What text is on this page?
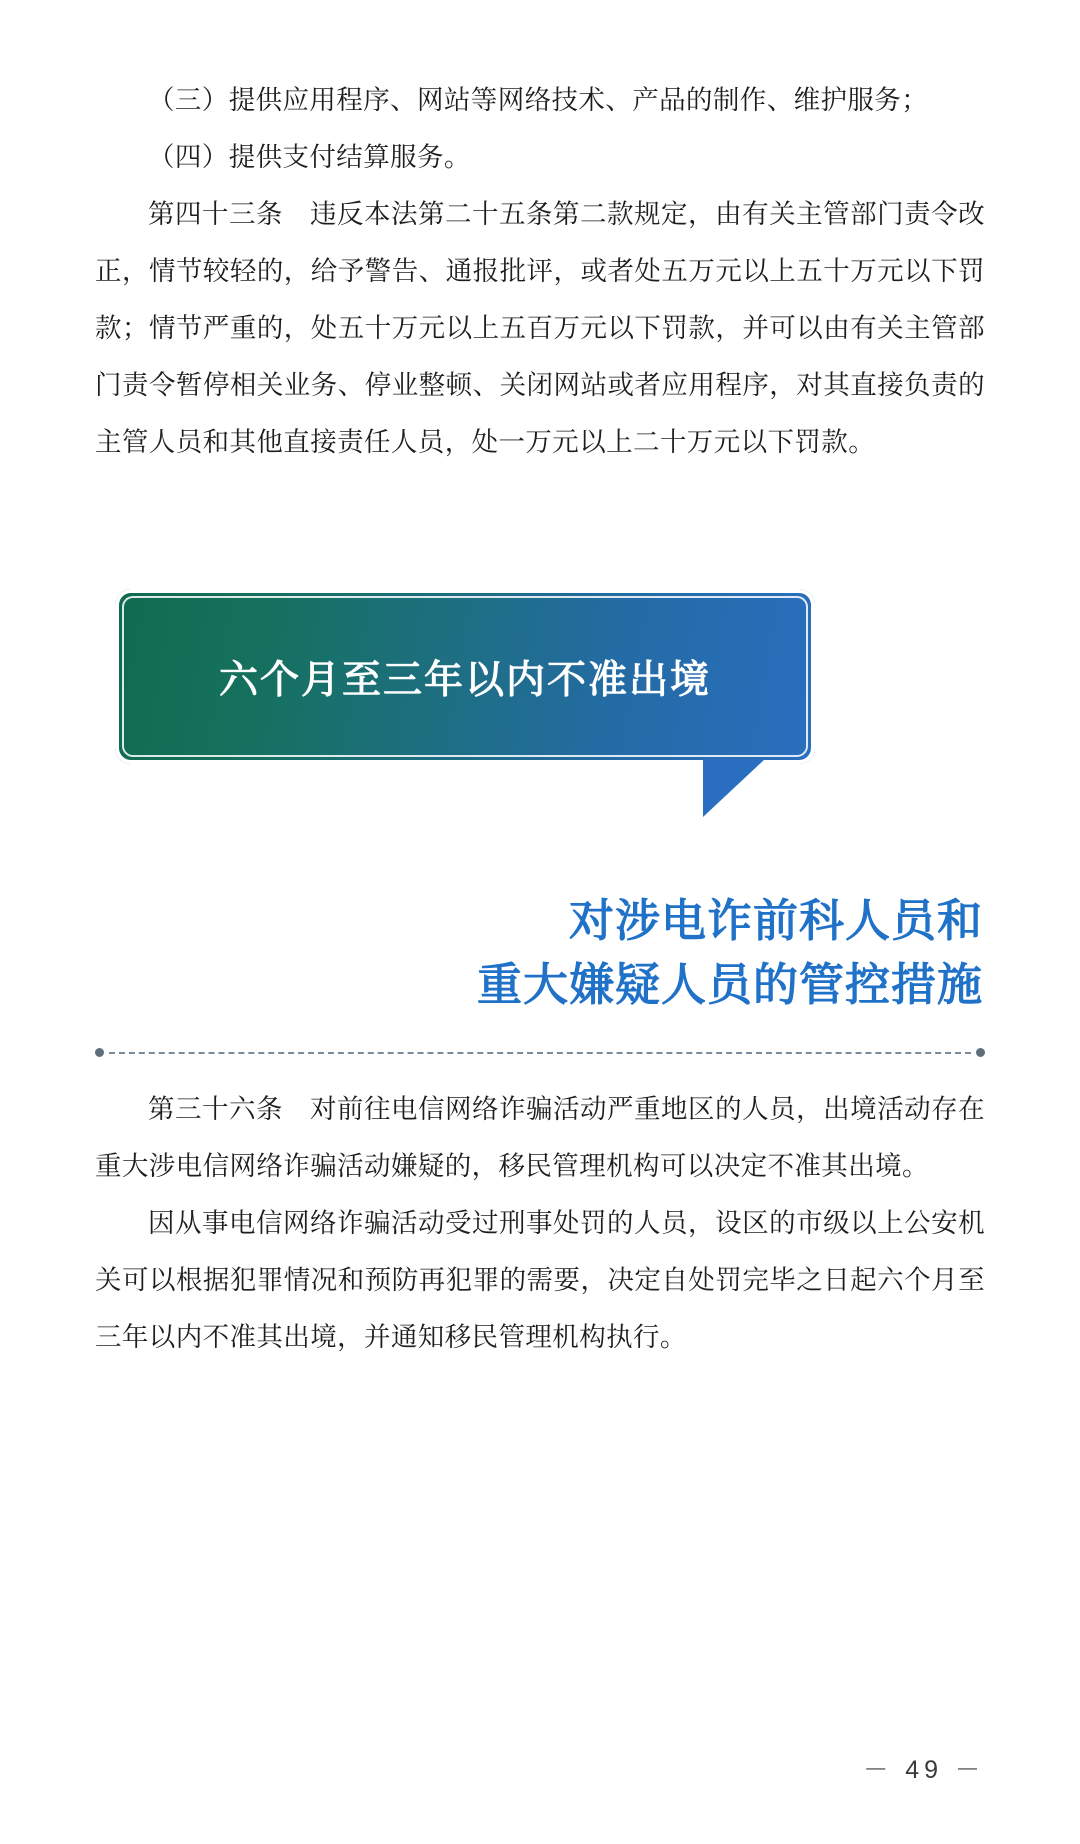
（三）提供应用程序、网站等网络技术、产品的制作、维护服务；

（四）提供支付结算服务。

第四十三条　违反本法第二十五条第二款规定，由有关主管部门责令改正，情节较轻的，给予警告、通报批评，或者处五万元以上五十万元以下罚款；情节严重的，处五十万元以上五百万元以下罚款，并可以由有关主管部门责令暂停相关业务、停业整顿、关闭网站或者应用程序，对其直接负责的主管人员和其他直接责任人员，处一万元以上二十万元以下罚款。

六个月至三年以内不准出境
对涉电诈前科人员和
重大嫌疑人员的管控措施

第三十六条　对前往电信网络诈骗活动严重地区的人员，出境活动存在重大涉电信网络诈骗活动嫌疑的，移民管理机构可以决定不准其出境。

因从事电信网络诈骗活动受过刑事处罚的人员，设区的市级以上公安机关可以根据犯罪情况和预防再犯罪的需要，决定自处罚完毕之日起六个月至三年以内不准其出境，并通知移民管理机构执行。

－ 49 －
